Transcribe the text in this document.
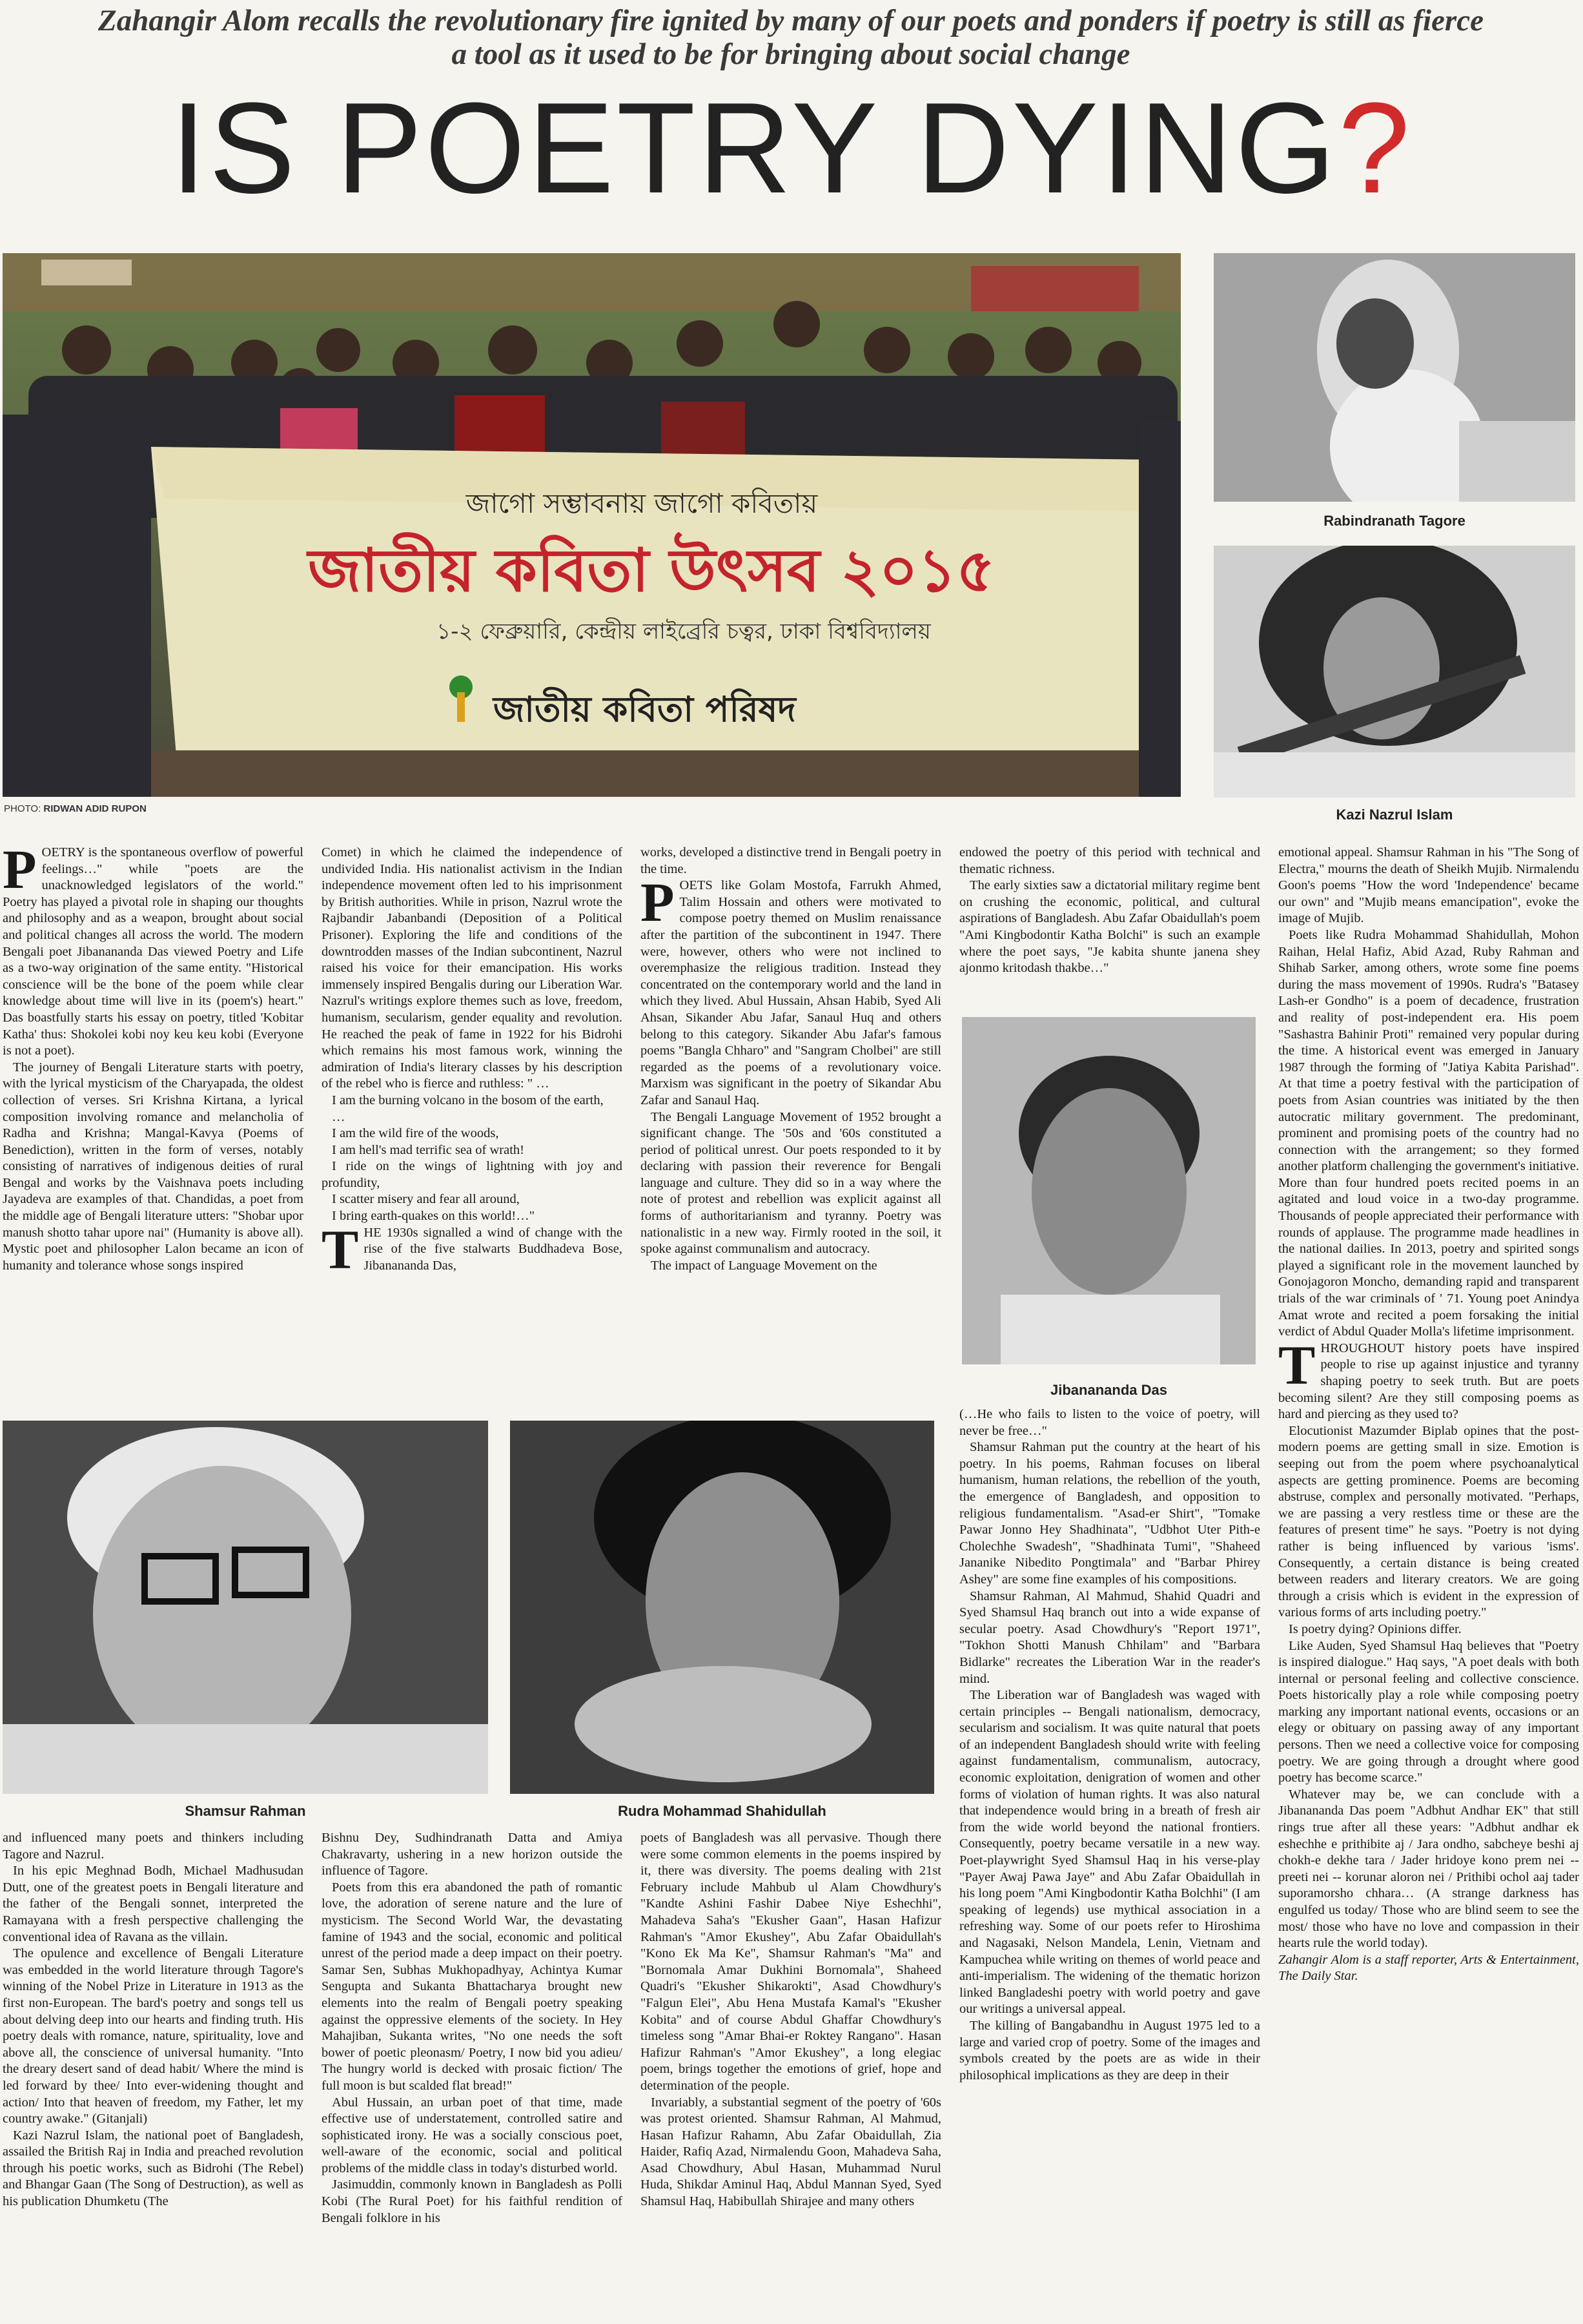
Zahangir Alom recalls the revolutionary fire ignited by many of our poets and ponders if poetry is still as fierce a tool as it used to be for bringing about social change
IS POETRY DYING?
জাগো সম্ভাবনায় জাগো কবিতায়
জাতীয় কবিতা উৎসব ২০১৫
১-২ ফেব্রুয়ারি, কেন্দ্রীয় লাইব্রেরি চত্বর, ঢাকা বিশ্ববিদ্যালয়
জাতীয় কবিতা পরিষদ
PHOTO: RIDWAN ADID RUPON
Rabindranath Tagore
Kazi Nazrul Islam
Jibanananda Das
Shamsur Rahman	Rudra Mohammad Shahidullah

POETRY is the spontaneous overflow of powerful feelings…" while "poets are the unacknowledged legislators of the world." Poetry has played a pivotal role in shaping our thoughts and philosophy and as a weapon, brought about social and political changes all across the world. The modern Bengali poet Jibanananda Das viewed Poetry and Life as a two-way origination of the same entity. "Historical conscience will be the bone of the poem while clear knowledge about time will live in its (poem's) heart." Das boastfully starts his essay on poetry, titled 'Kobitar Katha' thus: Shokolei kobi noy keu keu kobi (Everyone is not a poet).

The journey of Bengali Literature starts with poetry, with the lyrical mysticism of the Charyapada, the oldest collection of verses. Sri Krishna Kirtana, a lyrical composition involving romance and melancholia of Radha and Krishna; Mangal-Kavya (Poems of Benediction), written in the form of verses, notably consisting of narratives of indigenous deities of rural Bengal and works by the Vaishnava poets including Jayadeva are examples of that. Chandidas, a poet from the middle age of Bengali literature utters: "Shobar upor manush shotto tahar upore nai" (Humanity is above all). Mystic poet and philosopher Lalon became an icon of humanity and tolerance whose songs inspired

Comet) in which he claimed the independence of undivided India. His nationalist activism in the Indian independence movement often led to his imprisonment by British authorities. While in prison, Nazrul wrote the Rajbandir Jabanbandi (Deposition of a Political Prisoner). Exploring the life and conditions of the downtrodden masses of the Indian subcontinent, Nazrul raised his voice for their emancipation. His works immensely inspired Bengalis during our Liberation War. Nazrul's writings explore themes such as love, freedom, humanism, secularism, gender equality and revolution. He reached the peak of fame in 1922 for his Bidrohi which remains his most famous work, winning the admiration of India's literary classes by his description of the rebel who is fierce and ruthless: " …

I am the burning volcano in the bosom of the earth,

…

I am the wild fire of the woods,

I am hell's mad terrific sea of wrath!

I ride on the wings of lightning with joy and profundity,

I scatter misery and fear all around,

I bring earth-quakes on this world!…"

THE 1930s signalled a wind of change with the rise of the five stalwarts Buddhadeva Bose, Jibanananda Das,

works, developed a distinctive trend in Bengali poetry in the time.

POETS like Golam Mostofa, Farrukh Ahmed, Talim Hossain and others were motivated to compose poetry themed on Muslim renaissance after the partition of the subcontinent in 1947. There were, however, others who were not inclined to overemphasize the religious tradition. Instead they concentrated on the contemporary world and the land in which they lived. Abul Hussain, Ahsan Habib, Syed Ali Ahsan, Sikander Abu Jafar, Sanaul Huq and others belong to this category. Sikander Abu Jafar's famous poems "Bangla Chharo" and "Sangram Cholbei" are still regarded as the poems of a revolutionary voice. Marxism was significant in the poetry of Sikandar Abu Zafar and Sanaul Haq.

The Bengali Language Movement of 1952 brought a significant change. The '50s and '60s constituted a period of political unrest. Our poets responded to it by declaring with passion their reverence for Bengali language and culture. They did so in a way where the note of protest and rebellion was explicit against all forms of authoritarianism and tyranny. Poetry was nationalistic in a new way. Firmly rooted in the soil, it spoke against communalism and autocracy.

The impact of Language Movement on the

endowed the poetry of this period with technical and thematic richness.

The early sixties saw a dictatorial military regime bent on crushing the economic, political, and cultural aspirations of Bangladesh. Abu Zafar Obaidullah's poem "Ami Kingbodontir Katha Bolchi" is such an example where the poet says, "Je kabita shunte janena shey ajonmo kritodash thakbe…"

emotional appeal. Shamsur Rahman in his "The Song of Electra," mourns the death of Sheikh Mujib. Nirmalendu Goon's poems "How the word 'Independence' became our own" and "Mujib means emancipation", evoke the image of Mujib.

Poets like Rudra Mohammad Shahidullah, Mohon Raihan, Helal Hafiz, Abid Azad, Ruby Rahman and Shihab Sarker, among others, wrote some fine poems during the mass movement of 1990s. Rudra's "Batasey Lash-er Gondho" is a poem of decadence, frustration and reality of post-independent era. His poem "Sashastra Bahinir Proti" remained very popular during the time. A historical event was emerged in January 1987 through the forming of "Jatiya Kabita Parishad". At that time a poetry festival with the participation of poets from Asian countries was initiated by the then autocratic military government. The predominant, prominent and promising poets of the country had no connection with the arrangement; so they formed another platform challenging the government's initiative. More than four hundred poets recited poems in an agitated and loud voice in a two-day programme. Thousands of people appreciated their performance with rounds of applause. The programme made headlines in the national dailies. In 2013, poetry and spirited songs played a significant role in the movement launched by Gonojagoron Moncho, demanding rapid and transparent trials of the war criminals of ' 71. Young poet Anindya Amat wrote and recited a poem forsaking the initial verdict of Abdul Quader Molla's lifetime imprisonment.

THROUGHOUT history poets have inspired people to rise up against injustice and tyranny shaping poetry to seek truth. But are poets becoming silent? Are they still composing poems as hard and piercing as they used to?

Elocutionist Mazumder Biplab opines that the post-modern poems are getting small in size. Emotion is seeping out from the poem where psychoanalytical aspects are getting prominence. Poems are becoming abstruse, complex and personally motivated. "Perhaps, we are passing a very restless time or these are the features of present time" he says. "Poetry is not dying rather is being influenced by various 'isms'. Consequently, a certain distance is being created between readers and literary creators. We are going through a crisis which is evident in the expression of various forms of arts including poetry."

Is poetry dying? Opinions differ.

Like Auden, Syed Shamsul Haq believes that "Poetry is inspired dialogue." Haq says, "A poet deals with both internal or personal feeling and collective conscience. Poets historically play a role while composing poetry marking any important national events, occasions or an elegy or obituary on passing away of any important persons. Then we need a collective voice for composing poetry. We are going through a drought where good poetry has become scarce."

Whatever may be, we can conclude with a Jibanananda Das poem "Adbhut Andhar EK" that still rings true after all these years: "Adbhut andhar ek eshechhe e prithibite aj / Jara ondho, sabcheye beshi aj chokh-e dekhe tara / Jader hridoye kono prem nei --preeti nei -- korunar aloron nei / Prithibi ochol aaj tader suporamorsho chhara… (A strange darkness has engulfed us today/ Those who are blind seem to see the most/ those who have no love and compassion in their hearts rule the world today).

Zahangir Alom is a staff reporter, Arts & Entertainment, The Daily Star.

and influenced many poets and thinkers including Tagore and Nazrul.

In his epic Meghnad Bodh, Michael Madhusudan Dutt, one of the greatest poets in Bengali literature and the father of the Bengali sonnet, interpreted the Ramayana with a fresh perspective challenging the conventional idea of Ravana as the villain.

The opulence and excellence of Bengali Literature was embedded in the world literature through Tagore's winning of the Nobel Prize in Literature in 1913 as the first non-European. The bard's poetry and songs tell us about delving deep into our hearts and finding truth. His poetry deals with romance, nature, spirituality, love and above all, the conscience of universal humanity. "Into the dreary desert sand of dead habit/ Where the mind is led forward by thee/ Into ever-widening thought and action/ Into that heaven of freedom, my Father, let my country awake." (Gitanjali)

Kazi Nazrul Islam, the national poet of Bangladesh, assailed the British Raj in India and preached revolution through his poetic works, such as Bidrohi (The Rebel) and Bhangar Gaan (The Song of Destruction), as well as his publication Dhumketu (The

Bishnu Dey, Sudhindranath Datta and Amiya Chakravarty, ushering in a new horizon outside the influence of Tagore.

Poets from this era abandoned the path of romantic love, the adoration of serene nature and the lure of mysticism. The Second World War, the devastating famine of 1943 and the social, economic and political unrest of the period made a deep impact on their poetry. Samar Sen, Subhas Mukhopadhyay, Achintya Kumar Sengupta and Sukanta Bhattacharya brought new elements into the realm of Bengali poetry speaking against the oppressive elements of the society. In Hey Mahajiban, Sukanta writes, "No one needs the soft bower of poetic pleonasm/ Poetry, I now bid you adieu/ The hungry world is decked with prosaic fiction/ The full moon is but scalded flat bread!"

Abul Hussain, an urban poet of that time, made effective use of understatement, controlled satire and sophisticated irony. He was a socially conscious poet, well-aware of the economic, social and political problems of the middle class in today's disturbed world.

Jasimuddin, commonly known in Bangladesh as Polli Kobi (The Rural Poet) for his faithful rendition of Bengali folklore in his

poets of Bangladesh was all pervasive. Though there were some common elements in the poems inspired by it, there was diversity. The poems dealing with 21st February include Mahbub ul Alam Chowdhury's "Kandte Ashini Fashir Dabee Niye Eshechhi", Mahadeva Saha's "Ekusher Gaan", Hasan Hafizur Rahman's "Amor Ekushey", Abu Zafar Obaidullah's "Kono Ek Ma Ke", Shamsur Rahman's "Ma" and "Bornomala Amar Dukhini Bornomala", Shaheed Quadri's "Ekusher Shikarokti", Asad Chowdhury's "Falgun Elei", Abu Hena Mustafa Kamal's "Ekusher Kobita" and of course Abdul Ghaffar Chowdhury's timeless song "Amar Bhai-er Roktey Rangano". Hasan Hafizur Rahman's "Amor Ekushey", a long elegiac poem, brings together the emotions of grief, hope and determination of the people.

Invariably, a substantial segment of the poetry of '60s was protest oriented. Shamsur Rahman, Al Mahmud, Hasan Hafizur Rahamn, Abu Zafar Obaidullah, Zia Haider, Rafiq Azad, Nirmalendu Goon, Mahadeva Saha, Asad Chowdhury, Abul Hasan, Muhammad Nurul Huda, Shikdar Aminul Haq, Abdul Mannan Syed, Syed Shamsul Haq, Habibullah Shirajee and many others

(…He who fails to listen to the voice of poetry, will never be free…"

Shamsur Rahman put the country at the heart of his poetry. In his poems, Rahman focuses on liberal humanism, human relations, the rebellion of the youth, the emergence of Bangladesh, and opposition to religious fundamentalism. "Asad-er Shirt", "Tomake Pawar Jonno Hey Shadhinata", "Udbhot Uter Pith-e Cholechhe Swadesh", "Shadhinata Tumi", "Shaheed Jananike Nibedito Pongtimala" and "Barbar Phirey Ashey" are some fine examples of his compositions.

Shamsur Rahman, Al Mahmud, Shahid Quadri and Syed Shamsul Haq branch out into a wide expanse of secular poetry. Asad Chowdhury's "Report 1971", "Tokhon Shotti Manush Chhilam" and "Barbara Bidlarke" recreates the Liberation War in the reader's mind.

The Liberation war of Bangladesh was waged with certain principles -- Bengali nationalism, democracy, secularism and socialism. It was quite natural that poets of an independent Bangladesh should write with feeling against fundamentalism, communalism, autocracy, economic exploitation, denigration of women and other forms of violation of human rights. It was also natural that independence would bring in a breath of fresh air from the wide world beyond the national frontiers. Consequently, poetry became versatile in a new way. Poet-playwright Syed Shamsul Haq in his verse-play "Payer Awaj Pawa Jaye" and Abu Zafar Obaidullah in his long poem "Ami Kingbodontir Katha Bolchhi" (I am speaking of legends) use mythical association in a refreshing way. Some of our poets refer to Hiroshima and Nagasaki, Nelson Mandela, Lenin, Vietnam and Kampuchea while writing on themes of world peace and anti-imperialism. The widening of the thematic horizon linked Bangladeshi poetry with world poetry and gave our writings a universal appeal.

The killing of Bangabandhu in August 1975 led to a large and varied crop of poetry. Some of the images and symbols created by the poets are as wide in their philosophical implications as they are deep in their
